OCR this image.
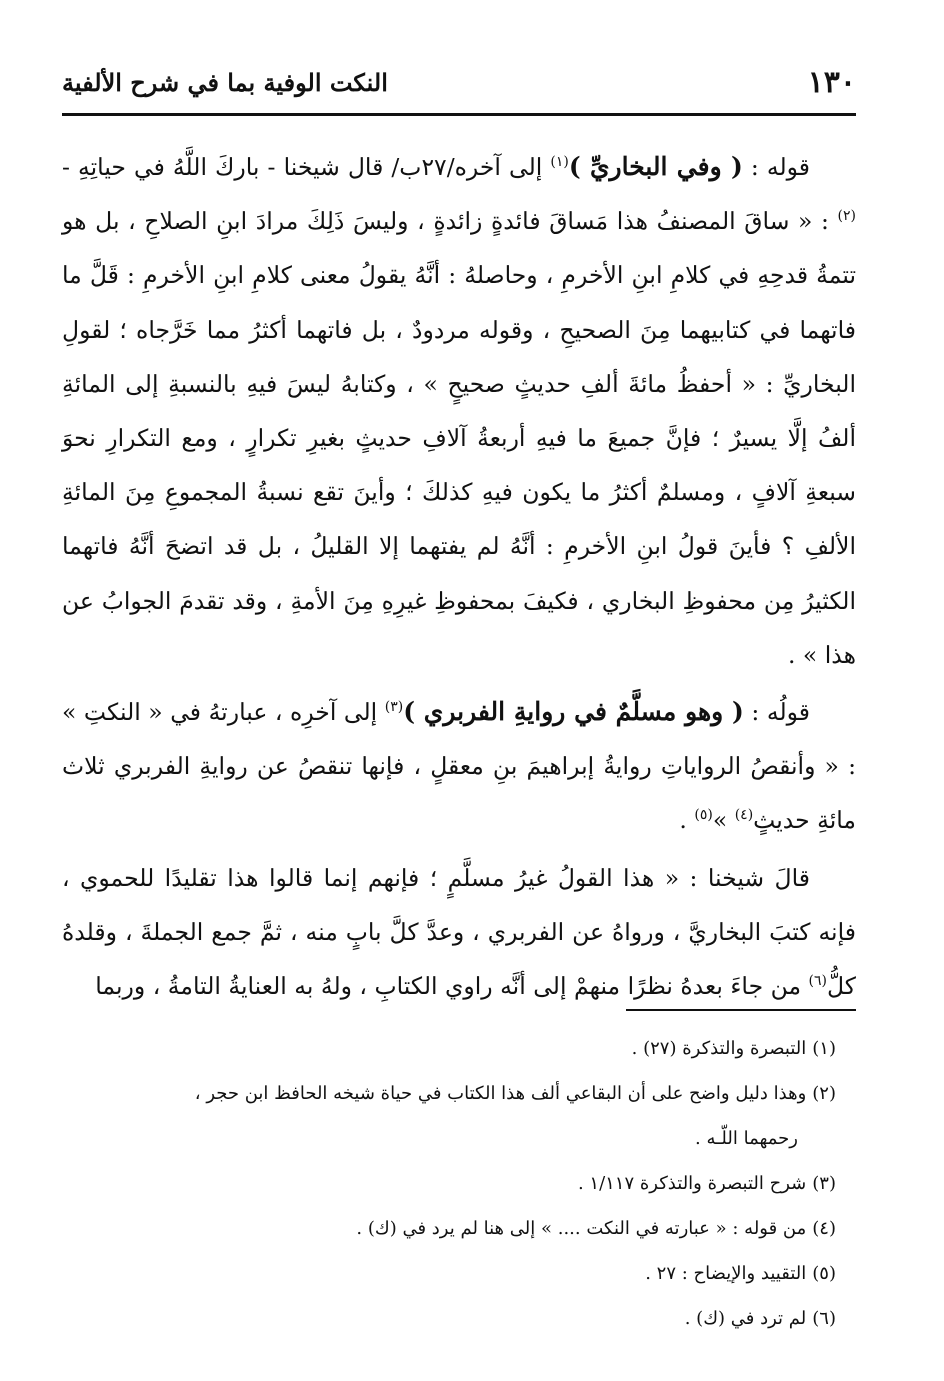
١٣٠
النكت الوفية بما في شرح الألفية

قوله : ( وفي البخاريِّ )$^{(١)}$ إلى آخره/٢٧ب/ قال شيخنا - باركَ اللَّهُ في حياتِهِ -$^{(٢)}$ : « ساقَ المصنفُ هذا مَساقَ فائدةٍ زائدةٍ ، وليسَ ذَلِكَ مرادَ ابنِ الصلاحِ ، بل هو تتمةُ قدحِهِ في كلامِ ابنِ الأخرمِ ، وحاصلهُ : أنَّهُ يقولُ معنى كلامِ ابنِ الأخرمِ : قَلَّ ما فاتهما في كتابيهما مِنَ الصحيحِ ، وقوله مردودٌ ، بل فاتهما أكثرُ مما خَرَّجاه ؛ لقولِ البخاريِّ : « أحفظُ مائةَ ألفِ حديثٍ صحيحٍ » ، وكتابهُ ليسَ فيهِ بالنسبةِ إلى المائةِ ألفُ إلَّا يسيرٌ ؛ فإنَّ جميعَ ما فيهِ أربعةُ آلافِ حديثٍ بغيرِ تكرارٍ ، ومع التكرارِ نحوَ سبعةِ آلافٍ ، ومسلمٌ أكثرُ ما يكون فيهِ كذلكَ ؛ وأينَ تقع نسبةُ المجموعِ مِنَ المائةِ الألفِ ؟ فأينَ قولُ ابنِ الأخرمِ : أنَّهُ لم يفتهما إلا القليلُ ، بل قد اتضحَ أنَّهُ فاتهما الكثيرُ مِن محفوظِ البخاري ، فكيفَ بمحفوظِ غيرِهِ مِنَ الأمةِ ، وقد تقدمَ الجوابُ عن هذا » .

قولُه : ( وهو مسلَّمٌ في روايةِ الفربري )$^{(٣)}$ إلى آخرِه ، عبارتهُ في « النكتِ » : « وأنقصُ الرواياتِ روايةُ إبراهيمَ بنِ معقلٍ ، فإنها تنقصُ عن روايةِ الفربري ثلاث مائةِ حديثٍ$^{(٤)}$ »$^{(٥)}$ .

قالَ شيخنا : « هذا القولُ غيرُ مسلَّمٍ ؛ فإنهم إنما قالوا هذا تقليدًا للحموي ، فإنه كتبَ البخاريَّ ، ورواهُ عن الفربري ، وعدَّ كلَّ بابٍ منه ، ثمَّ جمع الجملةَ ، وقلدهُ كلُّ$^{(٦)}$ من جاءَ بعدهُ نظرًا منهمْ إلى أنَّه راوي الكتابِ ، ولهُ به العنايةُ التامةُ ، وربما

(١)التبصرة والتذكرة (٢٧) .

(٢)وهذا دليل واضح على أن البقاعي ألف هذا الكتاب في حياة شيخه الحافظ ابن حجر ،

رحمهما اللّـه .

(٣)شرح التبصرة والتذكرة ١/١١٧ .

(٤)من قوله : « عبارته في النكت .... » إلى هنا لم يرد في (ك) .

(٥)التقييد والإيضاح : ٢٧ .

(٦)لم ترد في (ك) .
